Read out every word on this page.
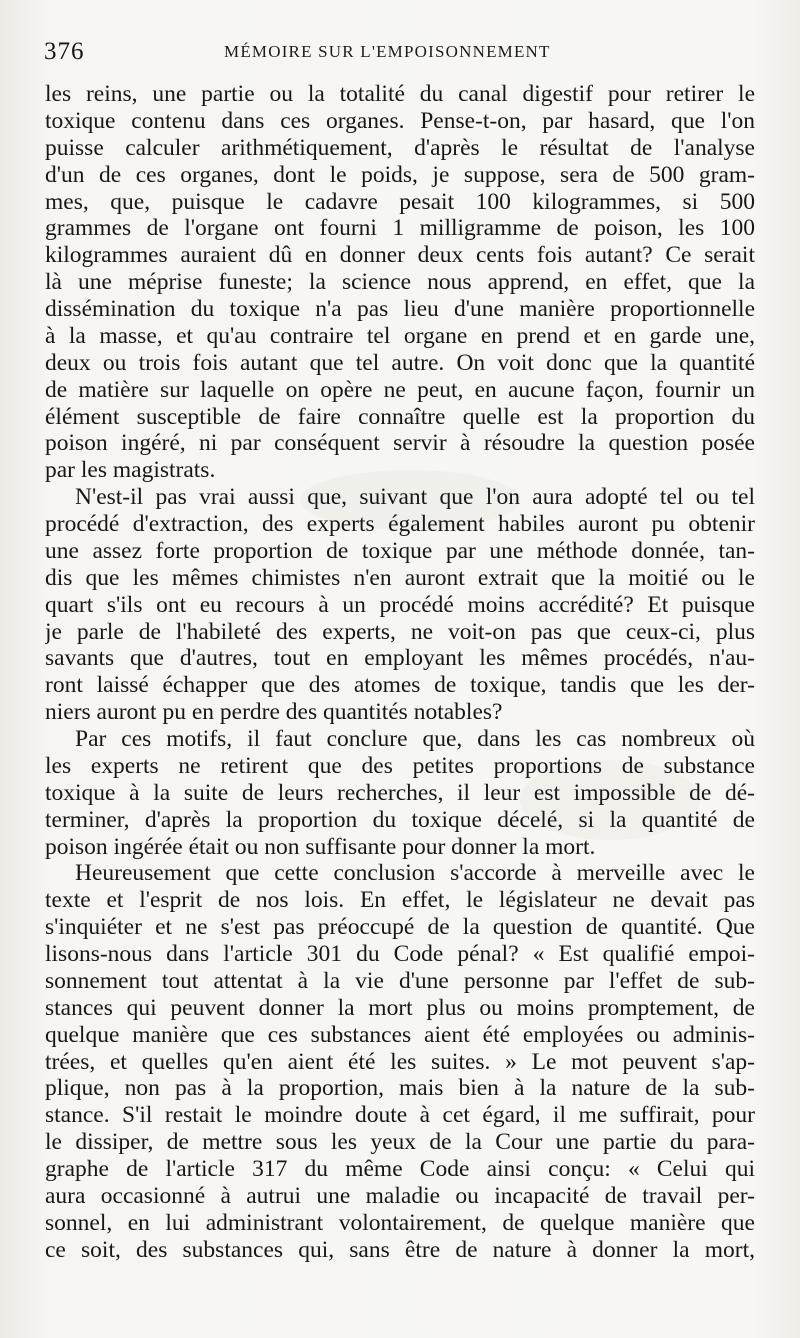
376	MÉMOIRE SUR L'EMPOISONNEMENT
les reins, une partie ou la totalité du canal digestif pour retirer le
toxique contenu dans ces organes. Pense-t-on, par hasard, que l'on
puisse calculer arithmétiquement, d'après le résultat de l'analyse
d'un de ces organes, dont le poids, je suppose, sera de 500 gram-
mes, que, puisque le cadavre pesait 100 kilogrammes, si 500
grammes de l'organe ont fourni 1 milligramme de poison, les 100
kilogrammes auraient dû en donner deux cents fois autant? Ce serait
là une méprise funeste; la science nous apprend, en effet, que la
dissémination du toxique n'a pas lieu d'une manière proportionnelle
à la masse, et qu'au contraire tel organe en prend et en garde une,
deux ou trois fois autant que tel autre. On voit donc que la quantité
de matière sur laquelle on opère ne peut, en aucune façon, fournir un
élément susceptible de faire connaître quelle est la proportion du
poison ingéré, ni par conséquent servir à résoudre la question posée
par les magistrats.
N'est-il pas vrai aussi que, suivant que l'on aura adopté tel ou tel
procédé d'extraction, des experts également habiles auront pu obtenir
une assez forte proportion de toxique par une méthode donnée, tan-
dis que les mêmes chimistes n'en auront extrait que la moitié ou le
quart s'ils ont eu recours à un procédé moins accrédité? Et puisque
je parle de l'habileté des experts, ne voit-on pas que ceux-ci, plus
savants que d'autres, tout en employant les mêmes procédés, n'au-
ront laissé échapper que des atomes de toxique, tandis que les der-
niers auront pu en perdre des quantités notables?
Par ces motifs, il faut conclure que, dans les cas nombreux où
les experts ne retirent que des petites proportions de substance
toxique à la suite de leurs recherches, il leur est impossible de dé-
terminer, d'après la proportion du toxique décelé, si la quantité de
poison ingérée était ou non suffisante pour donner la mort.
Heureusement que cette conclusion s'accorde à merveille avec le
texte et l'esprit de nos lois. En effet, le législateur ne devait pas
s'inquiéter et ne s'est pas préoccupé de la question de quantité. Que
lisons-nous dans l'article 301 du Code pénal? « Est qualifié empoi-
sonnement tout attentat à la vie d'une personne par l'effet de sub-
stances qui peuvent donner la mort plus ou moins promptement, de
quelque manière que ces substances aient été employées ou adminis-
trées, et quelles qu'en aient été les suites. » Le mot peuvent s'ap-
plique, non pas à la proportion, mais bien à la nature de la sub-
stance. S'il restait le moindre doute à cet égard, il me suffirait, pour
le dissiper, de mettre sous les yeux de la Cour une partie du para-
graphe de l'article 317 du même Code ainsi conçu: « Celui qui
aura occasionné à autrui une maladie ou incapacité de travail per-
sonnel, en lui administrant volontairement, de quelque manière que
ce soit, des substances qui, sans être de nature à donner la mort,
